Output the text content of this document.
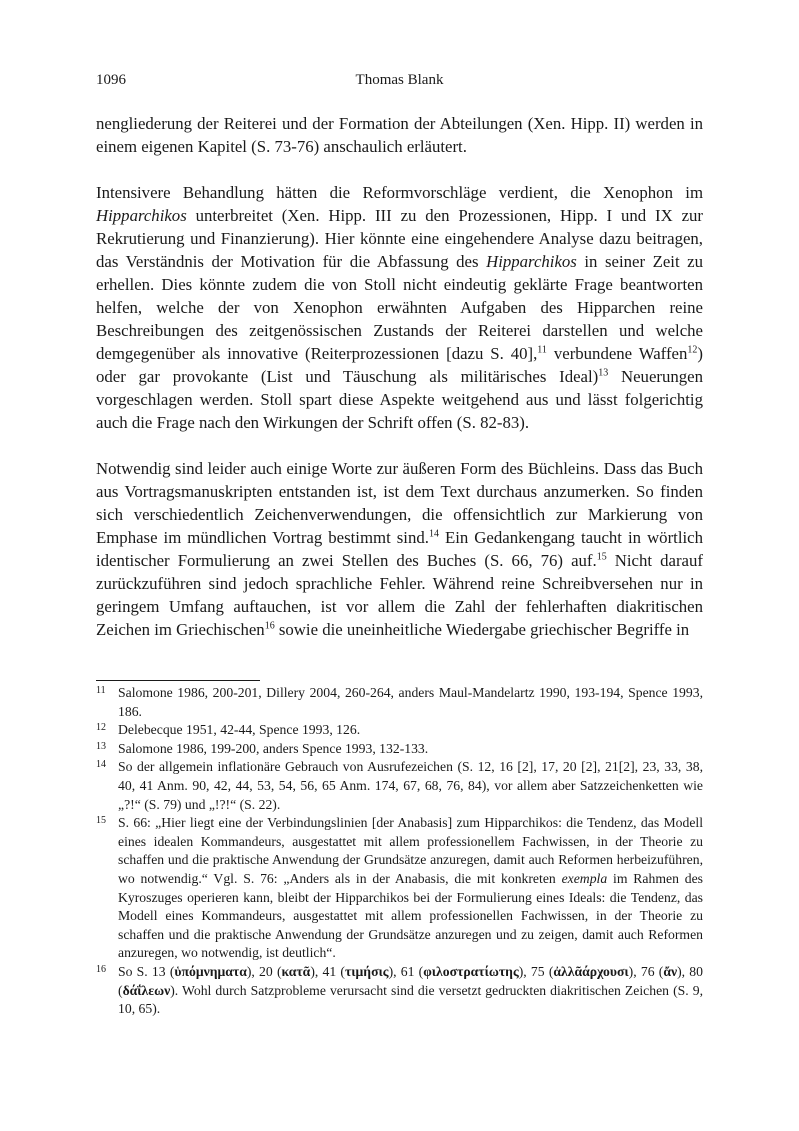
1096	Thomas Blank

nengliederung der Reiterei und der Formation der Abteilungen (Xen. Hipp. II) werden in einem eigenen Kapitel (S. 73-76) anschaulich erläutert.

Intensivere Behandlung hätten die Reformvorschläge verdient, die Xenophon im Hipparchikos unterbreitet (Xen. Hipp. III zu den Prozessionen, Hipp. I und IX zur Rekrutierung und Finanzierung). Hier könnte eine eingehendere Analyse dazu beitragen, das Verständnis der Motivation für die Abfassung des Hipparchikos in seiner Zeit zu erhellen. Dies könnte zudem die von Stoll nicht eindeutig geklärte Frage beantworten helfen, welche der von Xenophon erwähnten Aufgaben des Hipparchen reine Beschreibungen des zeitgenössischen Zustands der Reiterei darstellen und welche demgegenüber als innovative (Reiterprozessionen [dazu S. 40],$^{11}$ verbundene Waffen$^{12}$) oder gar provokante (List und Täuschung als militärisches Ideal)$^{13}$ Neuerungen vorgeschlagen werden. Stoll spart diese Aspekte weitgehend aus und lässt folgerichtig auch die Frage nach den Wirkungen der Schrift offen (S. 82-83).

Notwendig sind leider auch einige Worte zur äußeren Form des Büchleins. Dass das Buch aus Vortragsmanuskripten entstanden ist, ist dem Text durchaus anzumerken. So finden sich verschiedentlich Zeichenverwendungen, die offensichtlich zur Markierung von Emphase im mündlichen Vortrag bestimmt sind.$^{14}$ Ein Gedankengang taucht in wörtlich identischer Formulierung an zwei Stellen des Buches (S. 66, 76) auf.$^{15}$ Nicht darauf zurückzuführen sind jedoch sprachliche Fehler. Während reine Schreibversehen nur in geringem Umfang auftauchen, ist vor allem die Zahl der fehlerhaften diakritischen Zeichen im Griechischen$^{16}$ sowie die uneinheitliche Wiedergabe griechischer Begriffe in

11 Salomone 1986, 200-201, Dillery 2004, 260-264, anders Maul-Mandelartz 1990, 193-194, Spence 1993, 186.
12 Delebecque 1951, 42-44, Spence 1993, 126.
13 Salomone 1986, 199-200, anders Spence 1993, 132-133.
14 So der allgemein inflationäre Gebrauch von Ausrufezeichen (S. 12, 16 [2], 17, 20 [2], 21[2], 23, 33, 38, 40, 41 Anm. 90, 42, 44, 53, 54, 56, 65 Anm. 174, 67, 68, 76, 84), vor allem aber Satzzeichenketten wie „?!“ (S. 79) und „!?!“ (S. 22).
15 S. 66: „Hier liegt eine der Verbindungslinien [der Anabasis] zum Hipparchikos: die Tendenz, das Modell eines idealen Kommandeurs, ausgestattet mit allem professionellem Fachwissen, in der Theorie zu schaffen und die praktische Anwendung der Grundsätze anzuregen, damit auch Reformen herbeizuführen, wo notwendig.“ Vgl. S. 76: „Anders als in der Anabasis, die mit konkreten exempla im Rahmen des Kyroszuges operieren kann, bleibt der Hipparchikos bei der Formulierung eines Ideals: die Tendenz, das Modell eines Kommandeurs, ausgestattet mit allem professionellen Fachwissen, in der Theorie zu schaffen und die praktische Anwendung der Grundsätze anzuregen und zu zeigen, damit auch Reformen anzuregen, wo notwendig, ist deutlich“.
16 So S. 13 (ὑπόμνηματα), 20 (κατᾶ), 41 (τιμήσις), 61 (φιλοστρατίωτης), 75 (ἀλλᾶάρχουσι), 76 (ἄν), 80 (δάΐλεων). Wohl durch Satzprobleme verursacht sind die versetzt gedruckten diakritischen Zeichen (S. 9, 10, 65).
